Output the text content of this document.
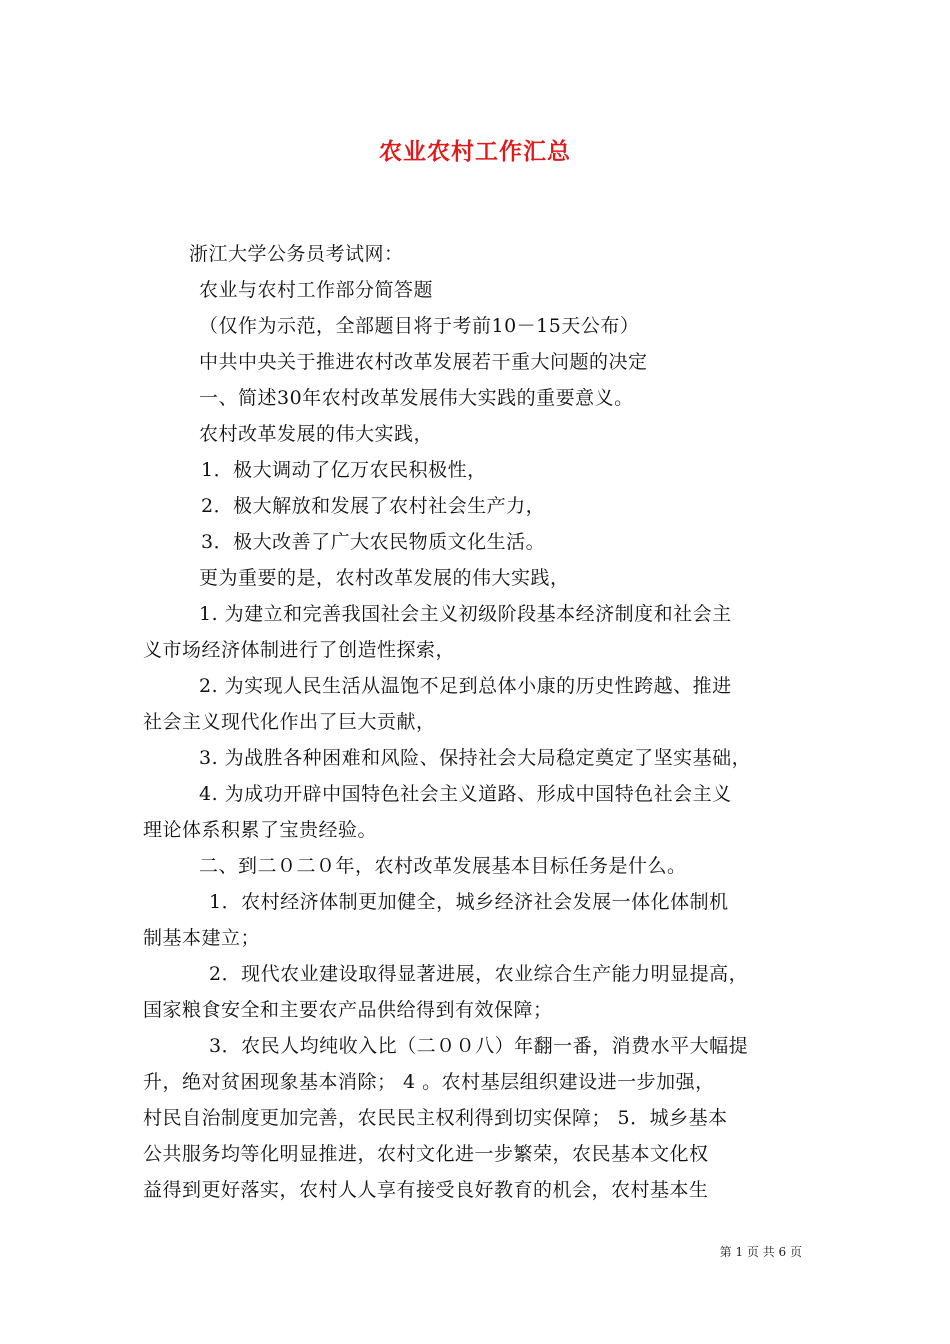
农业农村工作汇总
浙江大学公务员考试网：
农业与农村工作部分简答题
（仅作为示范，全部题目将于考前10－15天公布）
中共中央关于推进农村改革发展若干重大问题的决定
一、简述30年农村改革发展伟大实践的重要意义。
农村改革发展的伟大实践，
1．极大调动了亿万农民积极性，
2．极大解放和发展了农村社会生产力，
3．极大改善了广大农民物质文化生活。
更为重要的是，农村改革发展的伟大实践，
1. 为建立和完善我国社会主义初级阶段基本经济制度和社会主
义市场经济体制进行了创造性探索，
2. 为实现人民生活从温饱不足到总体小康的历史性跨越、推进
社会主义现代化作出了巨大贡献，
3. 为战胜各种困难和风险、保持社会大局稳定奠定了坚实基础，
4. 为成功开辟中国特色社会主义道路、形成中国特色社会主义
理论体系积累了宝贵经验。
二、到二０二０年，农村改革发展基本目标任务是什么。
1．农村经济体制更加健全，城乡经济社会发展一体化体制机
制基本建立；
2．现代农业建设取得显著进展，农业综合生产能力明显提高，
国家粮食安全和主要农产品供给得到有效保障；
3．农民人均纯收入比（二００八）年翻一番，消费水平大幅提
升，绝对贫困现象基本消除； 4 。农村基层组织建设进一步加强，
村民自治制度更加完善，农民民主权利得到切实保障； 5．城乡基本
公共服务均等化明显推进，农村文化进一步繁荣，农民基本文化权
益得到更好落实，农村人人享有接受良好教育的机会，农村基本生
第 1 页 共 6 页
